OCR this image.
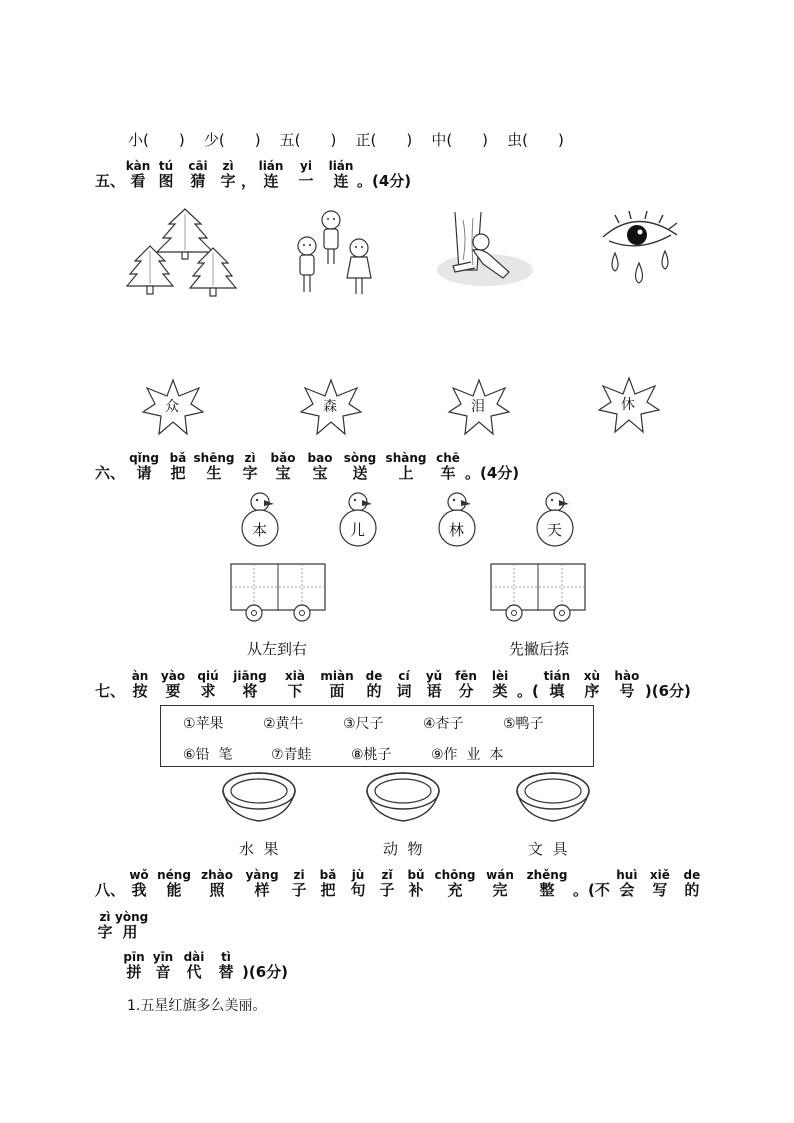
小(　　) 少(　　) 五(　　) 正(　　) 中(　　) 虫(　　)
五、
kàn
看
tú
图
cāi
猜
zì
字 ，
lián
连
yi
一
lián
连 。(4分)
众	森	泪	休
六、
qǐng
请
bǎ
把
shēng
生
zì
字
bǎo
宝
bao
宝
sòng
送
shàng
上
chē
车 。(4分)
本	儿	林	天
从左到右	先撇后捺
七、
àn
按
yào
要
qiú
求
jiāng
将
xià
下
miàn
面
de
的
cí
词
yǔ
语
fēn
分
lèi
类 。(
tián
填
xù
序
hào
号 )(6分)
①苹果	②黄牛	③尺子	④杏子	⑤鸭子
⑥铅  笔	⑦青蛙	⑧桃子	⑨作  业  本
水  果	动  物	文  具
八、
wǒ
我
néng
能
zhào
照
yàng
样
zi
子
bǎ
把
jù
句
zǐ
子
bǔ
补
chōng
充
wán
完
zhěng
整	。(不
huì
会
xiě
写
de
的
zì
字
yòng
用
pīn
拼
yīn
音
dài
代
tì
替 )(6分)
1.五星红旗多么美丽。
